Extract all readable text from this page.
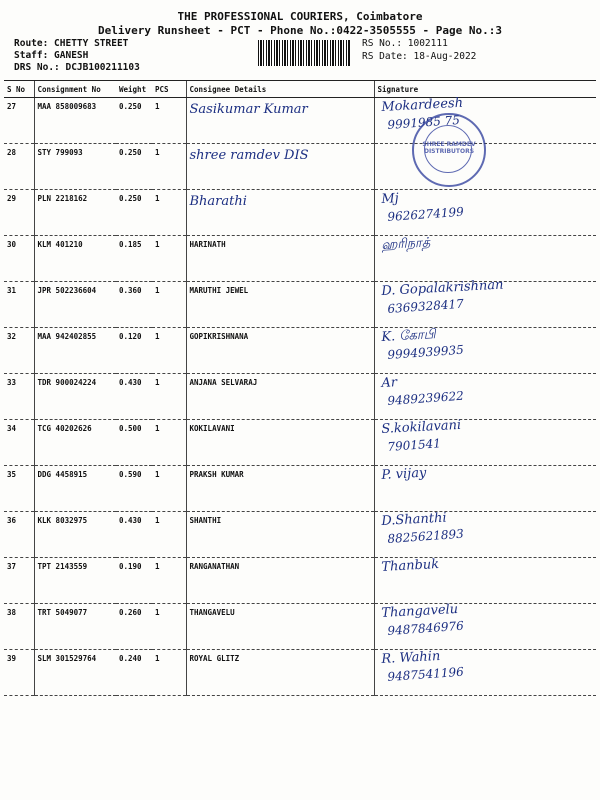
THE PROFESSIONAL COURIERS, Coimbatore
Delivery Runsheet - PCT - Phone No.:0422-3505555 - Page No.:3
Route: CHETTY STREET
Staff: GANESH
DRS No.: DCJB100211103
RS No.: 1002111
RS Date: 18-Aug-2022
S No	Consignment No	Weight	PCS	Consignee Details	Signature
27	MAA 858009683	0.250	1	Sasikumar Kumar	Mokardeesh
9991985 75

28	STY 799093	0.250	1	shree ramdev DIS	

29	PLN 2218162	0.250	1	Bharathi	Mj
9626274199

30	KLM 401210	0.185	1	HARINATH	ஹரிநாத்

31	JPR 502236604	0.360	1	MARUTHI JEWEL	D. Gopalakrishnan
6369328417

32	MAA 942402855	0.120	1	GOPIKRISHNANA	K. கோபி
9994939935

33	TDR 900024224	0.430	1	ANJANA SELVARAJ	Ar
9489239622

34	TCG 40202626	0.500	1	KOKILAVANI	S.kokilavani
7901541

35	DDG 4458915	0.590	1	PRAKSH KUMAR	P. vijay

36	KLK 8032975	0.430	1	SHANTHI	D.Shanthi
8825621893

37	TPT 2143559	0.190	1	RANGANATHAN	Thanbuk

38	TRT 5049077	0.260	1	THANGAVELU	Thangavelu
9487846976

39	SLM 301529764	0.240	1	ROYAL GLITZ	R. Wahin
9487541196
SHREE RAMDEV DISTRIBUTORS
